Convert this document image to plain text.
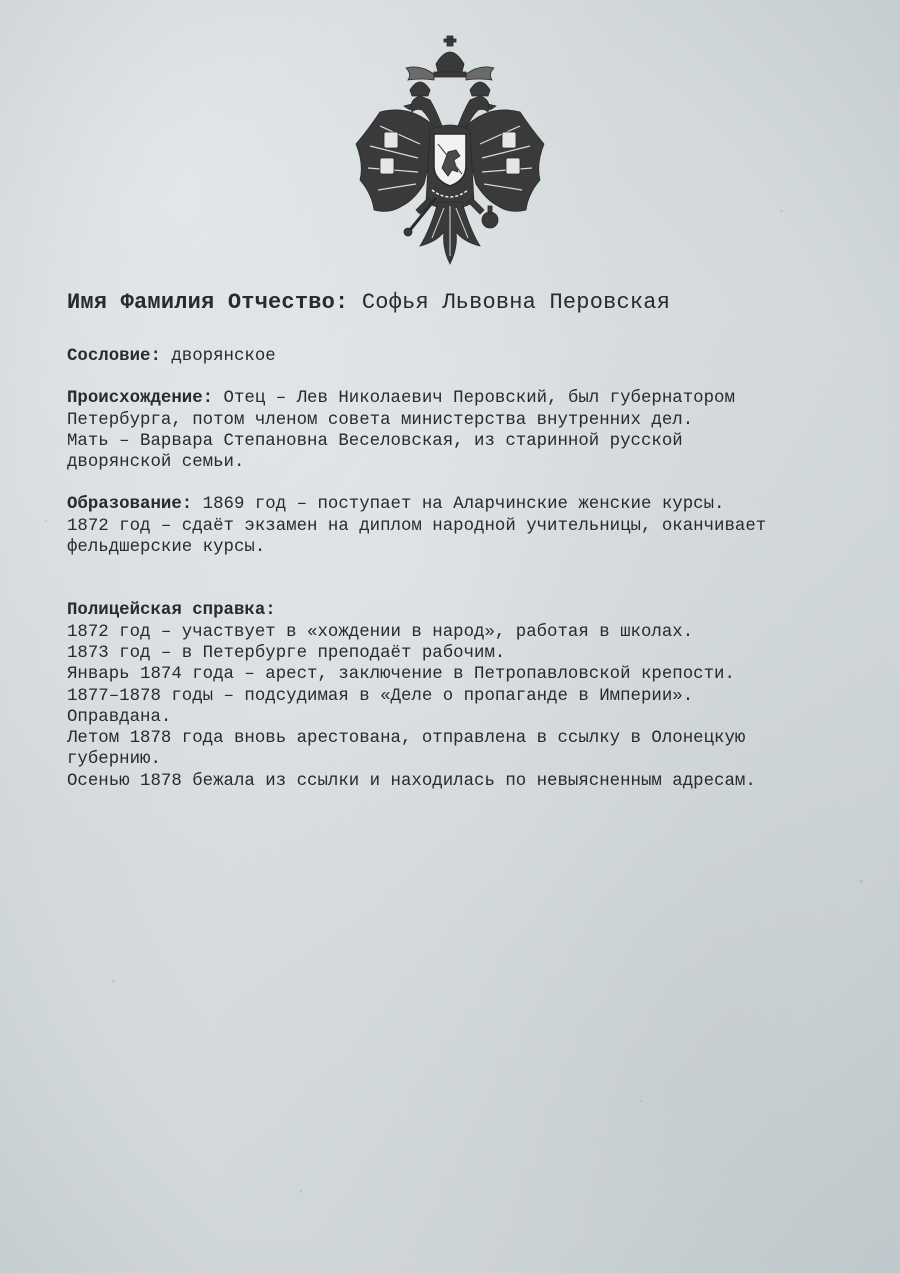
Имя Фамилия Отчество: Софья Львовна Перовская
Сословие: дворянское
Происхождение: Отец – Лев Николаевич Перовский, был губернатором
Петербурга, потом членом совета министерства внутренних дел.
Мать – Варвара Степановна Веселовская, из старинной русской
дворянской семьи.
Образование: 1869 год – поступает на Аларчинские женские курсы.
1872 год – сдаёт экзамен на диплом народной учительницы, оканчивает
фельдшерские курсы.
Полицейская справка:
1872 год – участвует в «хождении в народ», работая в школах.
1873 год – в Петербурге преподаёт рабочим.
Январь 1874 года – арест, заключение в Петропавловской крепости.
1877–1878 годы – подсудимая в «Деле о пропаганде в Империи».
Оправдана.
Летом 1878 года вновь арестована, отправлена в ссылку в Олонецкую
губернию.
Осенью 1878 бежала из ссылки и находилась по невыясненным адресам.
